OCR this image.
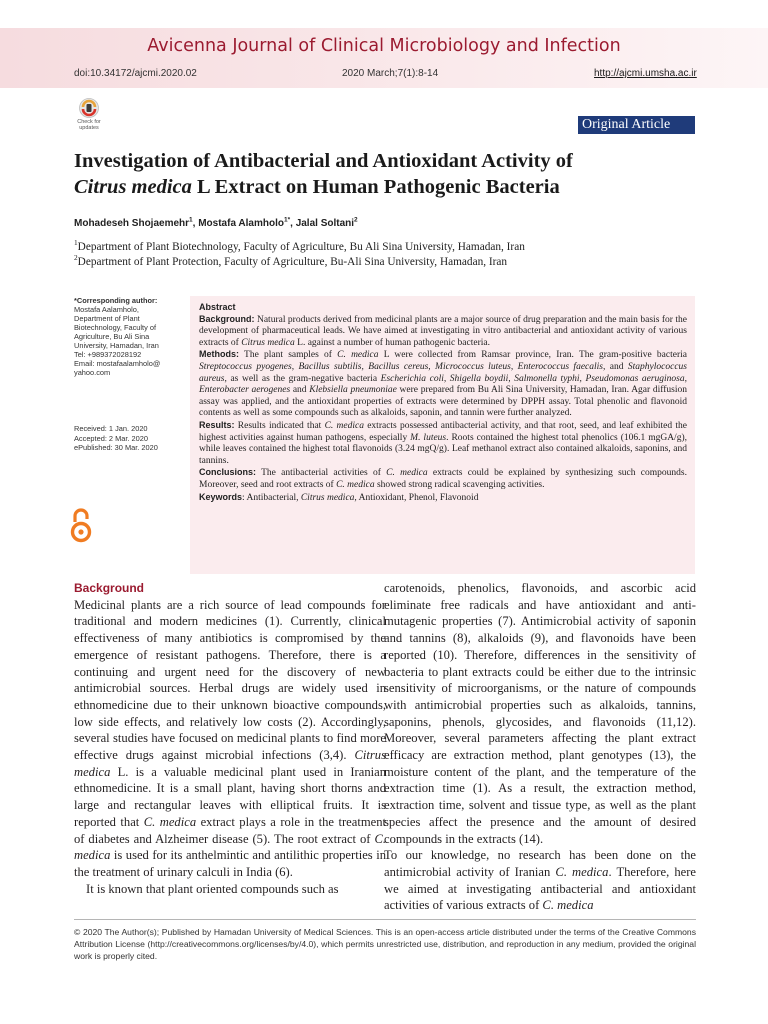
Avicenna Journal of Clinical Microbiology and Infection
doi:10.34172/ajcmi.2020.02	2020 March;7(1):8-14	http://ajcmi.umsha.ac.ir
Check for updates	Original Article
Investigation of Antibacterial and Antioxidant Activity of
Citrus medica L Extract on Human Pathogenic Bacteria
Mohadeseh Shojaemehr$^1$, Mostafa Alamholo$^{1*}$, Jalal Soltani$^2$
$^1$Department of Plant Biotechnology, Faculty of Agriculture, Bu Ali Sina University, Hamadan, Iran
$^2$Department of Plant Protection, Faculty of Agriculture, Bu-Ali Sina University, Hamadan, Iran
*Corresponding author:
Mostafa Aalamholo,
Department of Plant
Biotechnology, Faculty of
Agriculture, Bu Ali Sina
University, Hamadan, Iran
Tel: +989372028192
Email: mostafaalamholo@
yahoo.com
Received: 1 Jan. 2020
Accepted: 2 Mar. 2020
ePublished: 30 Mar. 2020
Abstract

Background: Natural products derived from medicinal plants are a major source of drug preparation and the main basis for the development of pharmaceutical leads. We have aimed at investigating in vitro antibacterial and antioxidant activity of various extracts of Citrus medica L. against a number of human pathogenic bacteria.

Methods: The plant samples of C. medica L were collected from Ramsar province, Iran. The gram-positive bacteria Streptococcus pyogenes, Bacillus subtilis, Bacillus cereus, Micrococcus luteus, Enterococcus faecalis, and Staphylococcus aureus, as well as the gram-negative bacteria Escherichia coli, Shigella boydii, Salmonella typhi, Pseudomonas aeruginosa, Enterobacter aerogenes and Klebsiella pneumoniae were prepared from Bu Ali Sina University, Hamadan, Iran. Agar diffusion assay was applied, and the antioxidant properties of extracts were determined by DPPH assay. Total phenolic and flavonoid contents as well as some compounds such as alkaloids, saponin, and tannin were further analyzed.

Results: Results indicated that C. medica extracts possessed antibacterial activity, and that root, seed, and leaf exhibited the highest activities against human pathogens, especially M. luteus. Roots contained the highest total phenolics (106.1 mgGA/g), while leaves contained the highest total flavonoids (3.24 mgQ/g). Leaf methanol extract also contained alkaloids, saponins, and tannins.

Conclusions: The antibacterial activities of C. medica extracts could be explained by synthesizing such compounds. Moreover, seed and root extracts of C. medica showed strong radical scavenging activities.

Keywords: Antibacterial, Citrus medica, Antioxidant, Phenol, Flavonoid

Background

Medicinal plants are a rich source of lead compounds for traditional and modern medicines (1). Currently, clinical effectiveness of many antibiotics is compromised by the emergence of resistant pathogens. Therefore, there is a continuing and urgent need for the discovery of new antimicrobial sources. Herbal drugs are widely used in ethnomedicine due to their unknown bioactive compounds, low side effects, and relatively low costs (2). Accordingly, several studies have focused on medicinal plants to find more effective drugs against microbial infections (3,4). Citrus medica L. is a valuable medicinal plant used in Iranian ethnomedicine. It is a small plant, having short thorns and large and rectangular leaves with elliptical fruits. It is reported that C. medica extract plays a role in the treatment of diabetes and Alzheimer disease (5). The root extract of C. medica is used for its anthelmintic and antilithic properties in the treatment of urinary calculi in India (6).

It is known that plant oriented compounds such as

carotenoids, phenolics, flavonoids, and ascorbic acid eliminate free radicals and have antioxidant and anti-mutagenic properties (7). Antimicrobial activity of saponin and tannins (8), alkaloids (9), and flavonoids have been reported (10). Therefore, differences in the sensitivity of bacteria to plant extracts could be either due to the intrinsic sensitivity of microorganisms, or the nature of compounds with antimicrobial properties such as alkaloids, tannins, saponins, phenols, glycosides, and flavonoids (11,12). Moreover, several parameters affecting the plant extract efficacy are extraction method, plant genotypes (13), the moisture content of the plant, and the temperature of the extraction time (1). As a result, the extraction method, extraction time, solvent and tissue type, as well as the plant species affect the presence and the amount of desired compounds in the extracts (14).

To our knowledge, no research has been done on the antimicrobial activity of Iranian C. medica. Therefore, here we aimed at investigating antibacterial and antioxidant activities of various extracts of C. medica

© 2020 The Author(s); Published by Hamadan University of Medical Sciences. This is an open-access article distributed under the terms of the Creative Commons Attribution License (http://creativecommons.org/licenses/by/4.0), which permits unrestricted use, distribution, and reproduction in any medium, provided the original work is properly cited.
